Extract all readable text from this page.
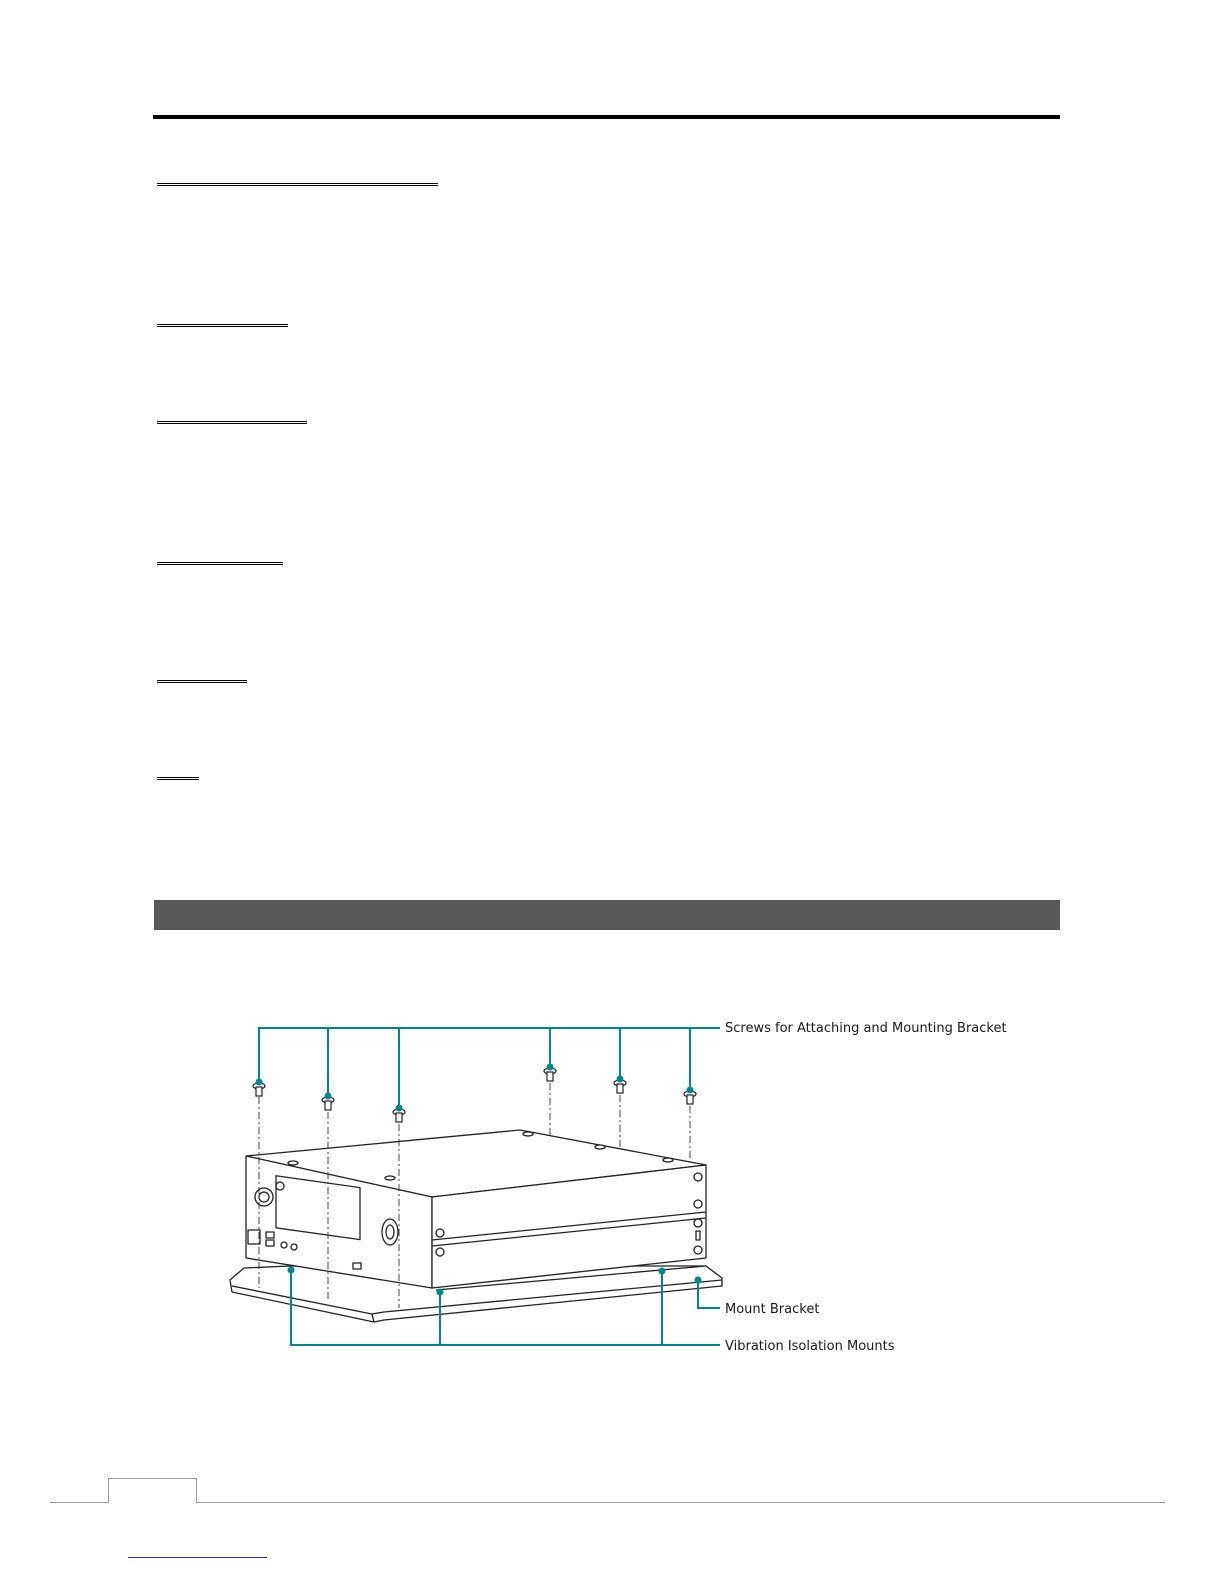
Screws for Attaching and Mounting Bracket
Mount Bracket
Vibration Isolation Mounts
